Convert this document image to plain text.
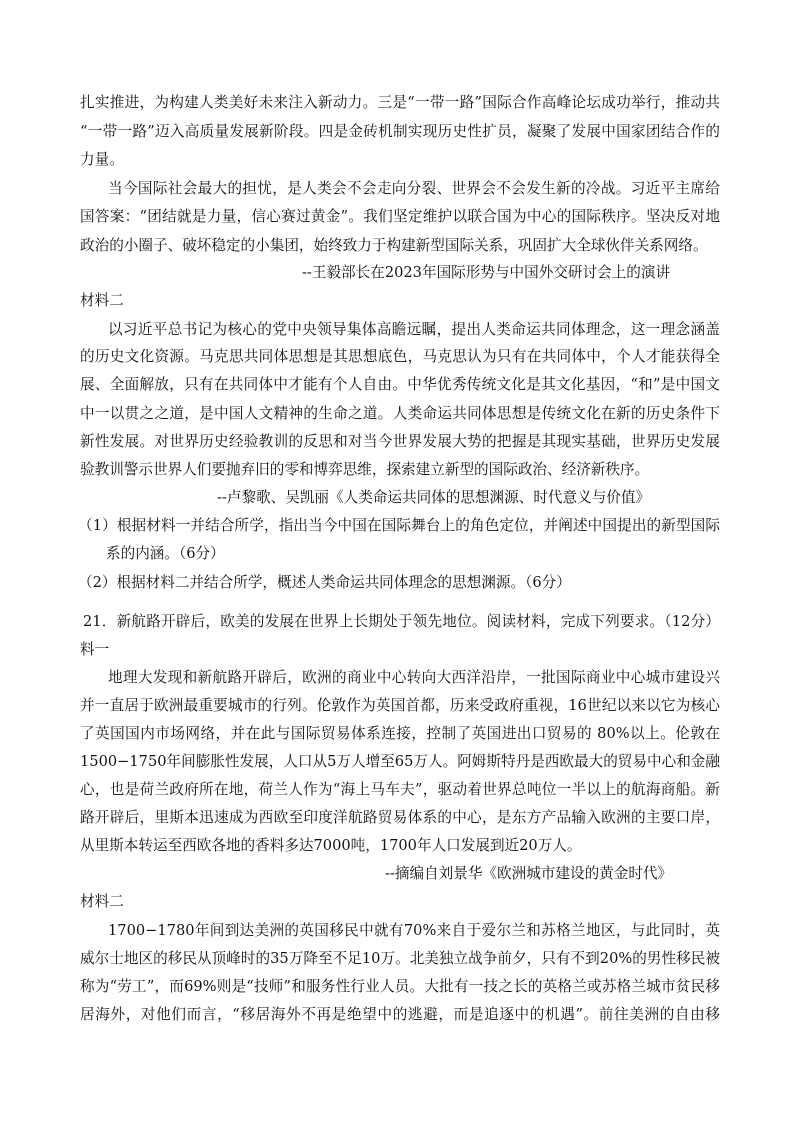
扎实推进，为构建人类美好未来注入新动力。三是“一带一路”国际合作高峰论坛成功举行，推动共
“一带一路”迈入高质量发展新阶段。四是金砖机制实现历史性扩员，凝聚了发展中国家团结合作的
力量。
当今国际社会最大的担忧，是人类会不会走向分裂、世界会不会发生新的冷战。习近平主席给
国答案：“团结就是力量，信心赛过黄金”。我们坚定维护以联合国为中心的国际秩序。坚决反对地
政治的小圈子、破坏稳定的小集团，始终致力于构建新型国际关系，巩固扩大全球伙伴关系网络。
--王毅部长在2023年国际形势与中国外交研讨会上的演讲
材料二
以习近平总书记为核心的党中央领导集体高瞻远瞩，提出人类命运共同体理念，这一理念涵盖
的历史文化资源。马克思共同体思想是其思想底色，马克思认为只有在共同体中，个人才能获得全
展、全面解放，只有在共同体中才能有个人自由。中华优秀传统文化是其文化基因，“和”是中国文
中一以贯之之道，是中国人文精神的生命之道。人类命运共同体思想是传统文化在新的历史条件下
新性发展。对世界历史经验教训的反思和对当今世界发展大势的把握是其现实基础，世界历史发展
验教训警示世界人们要抛弃旧的零和博弈思维，探索建立新型的国际政治、经济新秩序。
--卢黎歌、吴凯丽《人类命运共同体的思想渊源、时代意义与价值》
（1）根据材料一并结合所学，指出当今中国在国际舞台上的角色定位，并阐述中国提出的新型国际
系的内涵。（6分）
（2）根据材料二并结合所学，概述人类命运共同体理念的思想渊源。（6分）
21．新航路开辟后，欧美的发展在世界上长期处于领先地位。阅读材料，完成下列要求。（12分）
料一
地理大发现和新航路开辟后，欧洲的商业中心转向大西洋沿岸，一批国际商业中心城市建设兴
并一直居于欧洲最重要城市的行列。伦敦作为英国首都，历来受政府重视，16世纪以来以它为核心
了英国国内市场网络，并在此与国际贸易体系连接，控制了英国进出口贸易的 80%以上。伦敦在
1500−1750年间膨胀性发展，人口从5万人增至65万人。阿姆斯特丹是西欧最大的贸易中心和金融
心，也是荷兰政府所在地，荷兰人作为“海上马车夫”，驱动着世界总吨位一半以上的航海商船。新
路开辟后，里斯本迅速成为西欧至印度洋航路贸易体系的中心，是东方产品输入欧洲的主要口岸，
从里斯本转运至西欧各地的香料多达7000吨，1700年人口发展到近20万人。
--摘编自刘景华《欧洲城市建设的黄金时代》
材料二
1700−1780年间到达美洲的英国移民中就有70%来自于爱尔兰和苏格兰地区，与此同时，英
威尔士地区的移民从顶峰时的35万降至不足10万。北美独立战争前夕，只有不到20%的男性移民被
称为“劳工”，而69%则是“技师”和服务性行业人员。大批有一技之长的英格兰或苏格兰城市贫民移
居海外，对他们而言，“移居海外不再是绝望中的逃避，而是追逐中的机遇”。前往美洲的自由移
